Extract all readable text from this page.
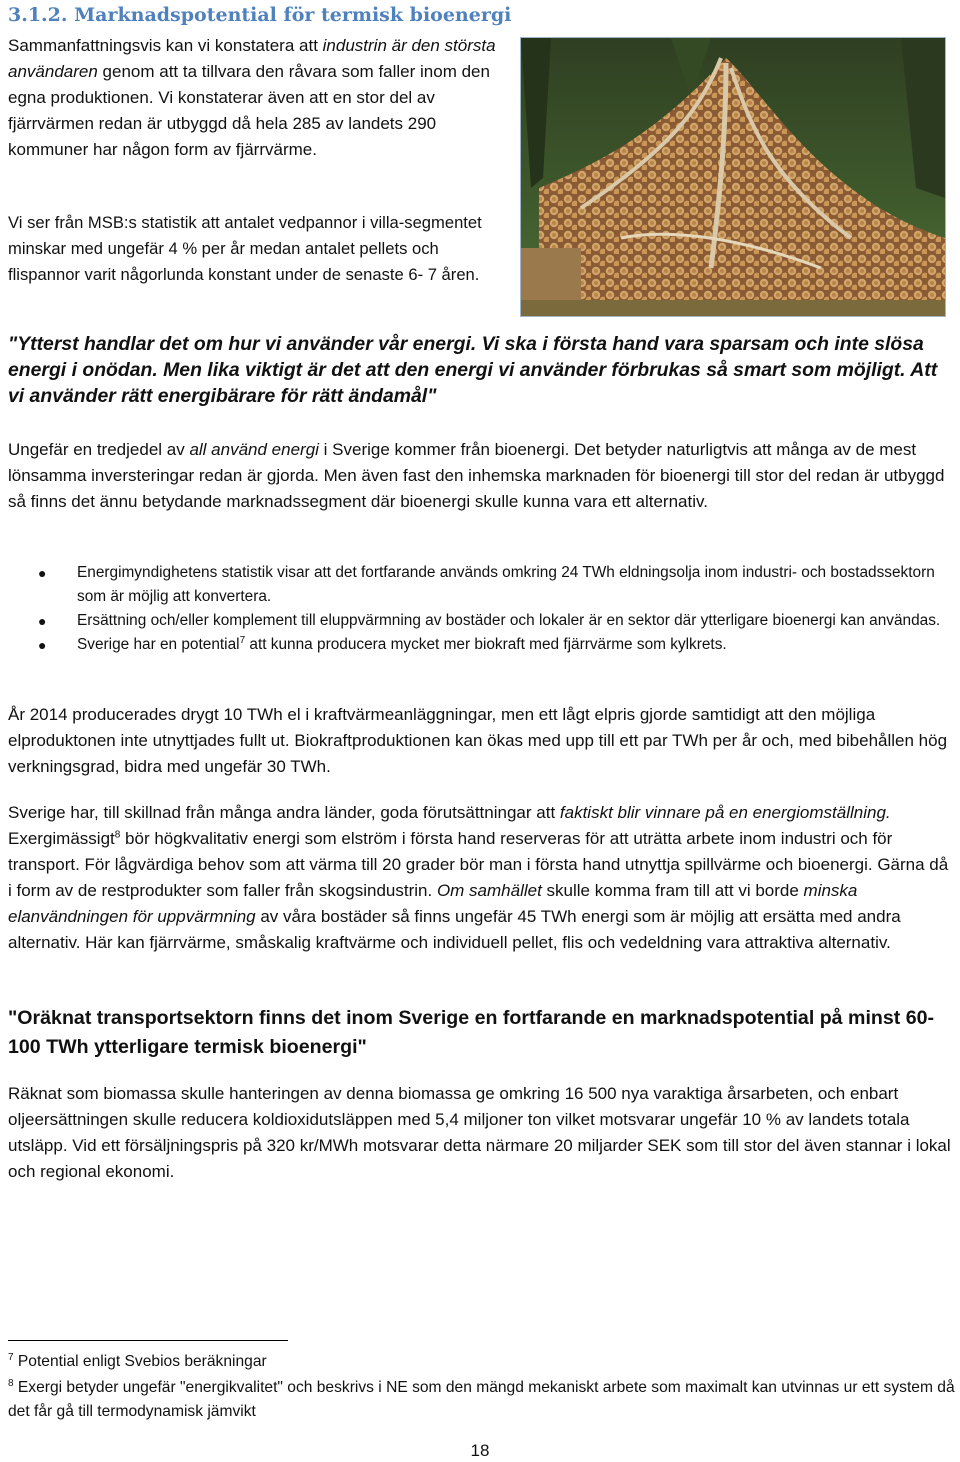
3.1.2. Marknadspotential för termisk bioenergi
Sammanfattningsvis kan vi konstatera att industrin är den största användaren genom att ta tillvara den råvara som faller inom den egna produktionen. Vi konstaterar även att en stor del av fjärrvärmen redan är utbyggd då hela 285 av landets 290 kommuner har någon form av fjärrvärme.
Vi ser från MSB:s statistik att antalet vedpannor i villa-segmentet minskar med ungefär 4 % per år medan antalet pellets och flispannor varit någorlunda konstant under de senaste 6- 7 åren.
"Ytterst handlar det om hur vi använder vår energi. Vi ska i första hand vara sparsam och inte slösa energi i onödan. Men lika viktigt är det att den energi vi använder förbrukas så smart som möjligt. Att vi använder rätt energibärare för rätt ändamål"
Ungefär en tredjedel av all använd energi i Sverige kommer från bioenergi. Det betyder naturligtvis att många av de mest lönsamma inversteringar redan är gjorda. Men även fast den inhemska marknaden för bioenergi till stor del redan är utbyggd så finns det ännu betydande marknadssegment där bioenergi skulle kunna vara ett alternativ.
● Energimyndighetens statistik visar att det fortfarande används omkring 24 TWh eldningsolja inom industri- och bostadssektorn som är möjlig att konvertera.
● Ersättning och/eller komplement till eluppvärmning av bostäder och lokaler är en sektor där ytterligare bioenergi kan användas.
● Sverige har en potential$^7$ att kunna producera mycket mer biokraft med fjärrvärme som kylkrets.
År 2014 producerades drygt 10 TWh el i kraftvärmeanläggningar, men ett lågt elpris gjorde samtidigt att den möjliga elproduktonen inte utnyttjades fullt ut. Biokraftproduktionen kan ökas med upp till ett par TWh per år och, med bibehållen hög verkningsgrad, bidra med ungefär 30 TWh.
Sverige har, till skillnad från många andra länder, goda förutsättningar att faktiskt blir vinnare på en energiomställning. Exergimässigt$^8$ bör högkvalitativ energi som elström i första hand reserveras för att uträtta arbete inom industri och för transport. För lågvärdiga behov som att värma till 20 grader bör man i första hand utnyttja spillvärme och bioenergi. Gärna då i form av de restprodukter som faller från skogsindustrin. Om samhället skulle komma fram till att vi borde minska elanvändningen för uppvärmning av våra bostäder så finns ungefär 45 TWh energi som är möjlig att ersätta med andra alternativ. Här kan fjärrvärme, småskalig kraftvärme och individuell pellet, flis och vedeldning vara attraktiva alternativ.
"Oräknat transportsektorn finns det inom Sverige en fortfarande en marknadspotential på minst 60- 100 TWh ytterligare termisk bioenergi"
Räknat som biomassa skulle hanteringen av denna biomassa ge omkring 16 500 nya varaktiga årsarbeten, och enbart oljeersättningen skulle reducera koldioxidutsläppen med 5,4 miljoner ton vilket motsvarar ungefär 10 % av landets totala utsläpp. Vid ett försäljningspris på 320 kr/MWh motsvarar detta närmare 20 miljarder SEK som till stor del även stannar i lokal och regional ekonomi.
$^7$ Potential enligt Svebios beräkningar
$^8$ Exergi betyder ungefär "energikvalitet" och beskrivs i NE som den mängd mekaniskt arbete som maximalt kan utvinnas ur ett system då det får gå till termodynamisk jämvikt
18
